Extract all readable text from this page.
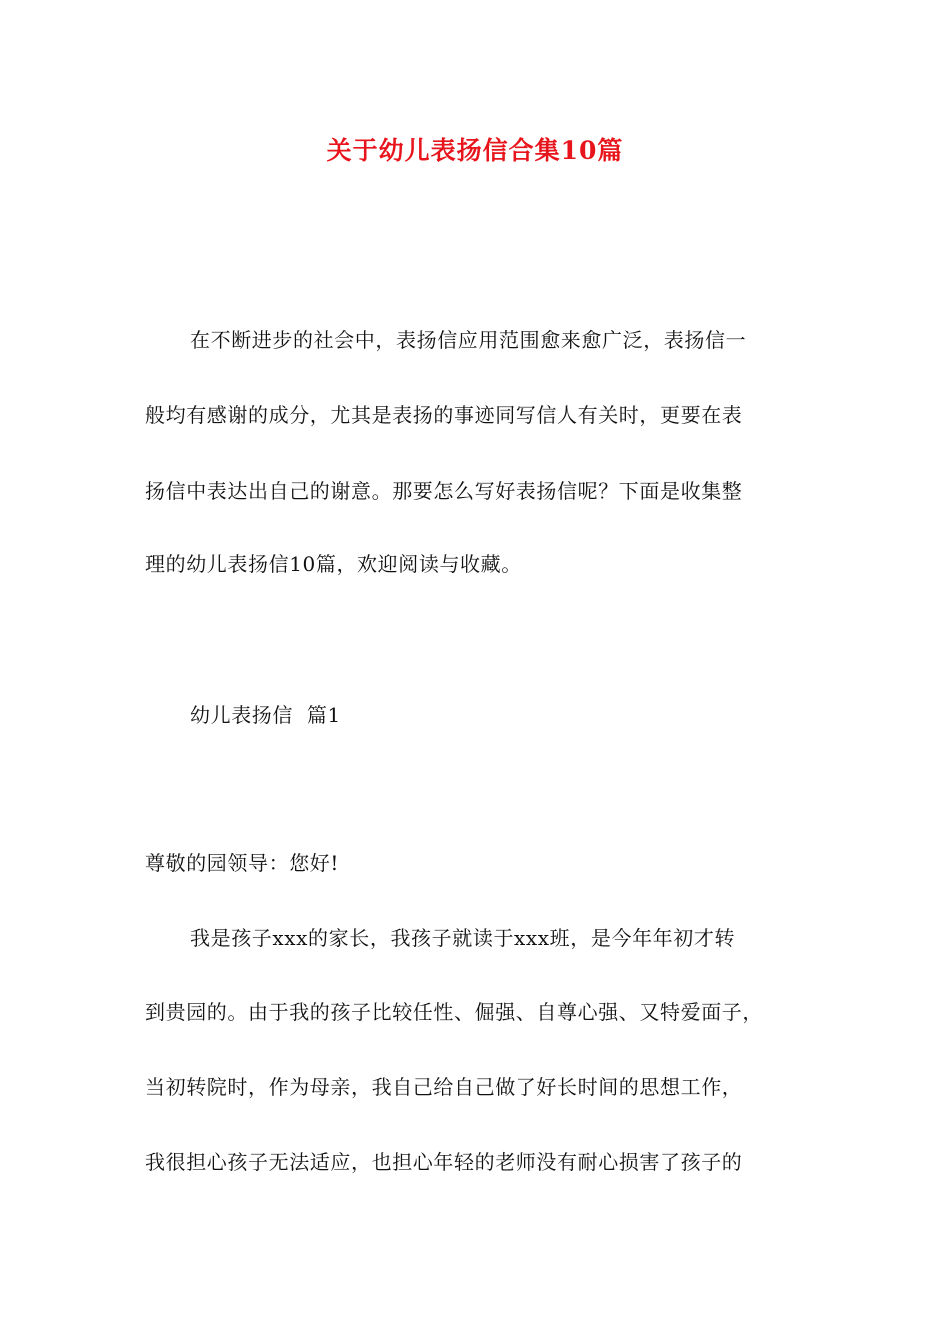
关于幼儿表扬信合集10篇
在不断进步的社会中，表扬信应用范围愈来愈广泛，表扬信一
般均有感谢的成分，尤其是表扬的事迹同写信人有关时，更要在表
扬信中表达出自己的谢意。那要怎么写好表扬信呢？下面是收集整
理的幼儿表扬信10篇，欢迎阅读与收藏。
幼儿表扬信  篇1
尊敬的园领导：您好!
我是孩子xxx的家长，我孩子就读于xxx班，是今年年初才转
到贵园的。由于我的孩子比较任性、倔强、自尊心强、又特爱面子，
当初转院时，作为母亲，我自己给自己做了好长时间的思想工作，
我很担心孩子无法适应，也担心年轻的老师没有耐心损害了孩子的
